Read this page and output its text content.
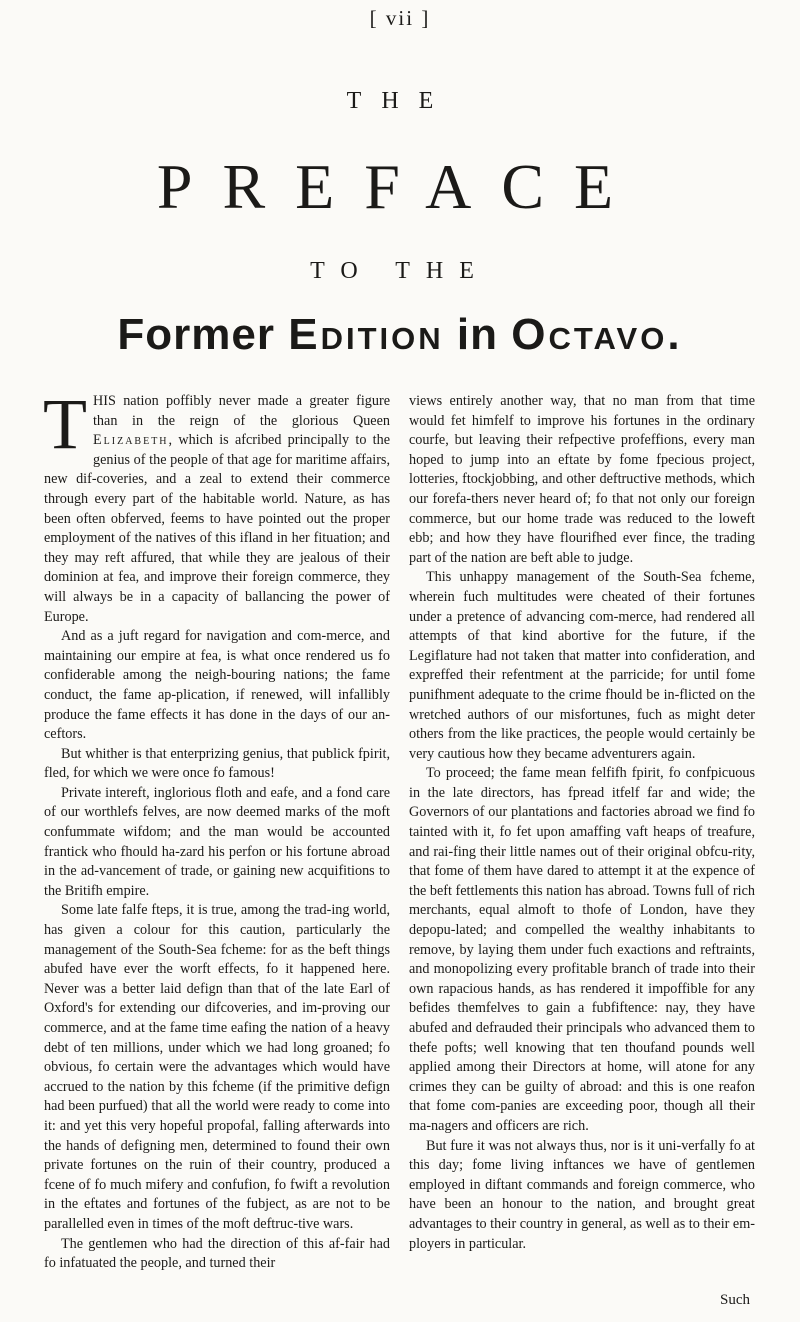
[ vii ]
THE
PREFACE
TO THE
Former Edition in Octavo.

THIS nation poffibly never made a greater figure than in the reign of the glorious Queen Elizabeth, which is afcribed principally to the genius of the people of that age for maritime affairs, new dif-coveries, and a zeal to extend their commerce through every part of the habitable world. Nature, as has been often obferved, feems to have pointed out the proper employment of the natives of this ifland in her fituation; and they may reft affured, that while they are jealous of their dominion at fea, and improve their foreign commerce, they will always be in a capacity of ballancing the power of Europe.

And as a juft regard for navigation and com-merce, and maintaining our empire at fea, is what once rendered us fo confiderable among the neigh-bouring nations; the fame conduct, the fame ap-plication, if renewed, will infallibly produce the fame effects it has done in the days of our an-ceftors.

But whither is that enterprizing genius, that publick fpirit, fled, for which we were once fo famous!

Private intereft, inglorious floth and eafe, and a fond care of our worthlefs felves, are now deemed marks of the moft confummate wifdom; and the man would be accounted frantick who fhould ha-zard his perfon or his fortune abroad in the ad-vancement of trade, or gaining new acquifitions to the Britifh empire.

Some late falfe fteps, it is true, among the trad-ing world, has given a colour for this caution, particularly the management of the South-Sea fcheme: for as the beft things abufed have ever the worft effects, fo it happened here. Never was a better laid defign than that of the late Earl of Oxford's for extending our difcoveries, and im-proving our commerce, and at the fame time eafing the nation of a heavy debt of ten millions, under which we had long groaned; fo obvious, fo certain were the advantages which would have accrued to the nation by this fcheme (if the primitive defign had been purfued) that all the world were ready to come into it: and yet this very hopeful propofal, falling afterwards into the hands of defigning men, determined to found their own private fortunes on the ruin of their country, produced a fcene of fo much mifery and confufion, fo fwift a revolution in the eftates and fortunes of the fubject, as are not to be parallelled even in times of the moft deftruc-tive wars.

The gentlemen who had the direction of this af-fair had fo infatuated the people, and turned their

views entirely another way, that no man from that time would fet himfelf to improve his fortunes in the ordinary courfe, but leaving their refpective profeffions, every man hoped to jump into an eftate by fome fpecious project, lotteries, ftockjobbing, and other deftructive methods, which our forefa-thers never heard of; fo that not only our foreign commerce, but our home trade was reduced to the loweft ebb; and how they have flourifhed ever fince, the trading part of the nation are beft able to judge.

This unhappy management of the South-Sea fcheme, wherein fuch multitudes were cheated of their fortunes under a pretence of advancing com-merce, had rendered all attempts of that kind abortive for the future, if the Legiflature had not taken that matter into confideration, and expreffed their refentment at the parricide; for until fome punifhment adequate to the crime fhould be in-flicted on the wretched authors of our misfortunes, fuch as might deter others from the like practices, the people would certainly be very cautious how they became adventurers again.

To proceed; the fame mean felfifh fpirit, fo confpicuous in the late directors, has fpread itfelf far and wide; the Governors of our plantations and factories abroad we find fo tainted with it, fo fet upon amaffing vaft heaps of treafure, and rai-fing their little names out of their original obfcu-rity, that fome of them have dared to attempt it at the expence of the beft fettlements this nation has abroad. Towns full of rich merchants, equal almoft to thofe of London, have they depopu-lated; and compelled the wealthy inhabitants to remove, by laying them under fuch exactions and reftraints, and monopolizing every profitable branch of trade into their own rapacious hands, as has rendered it impoffible for any befides themfelves to gain a fubfiftence: nay, they have abufed and defrauded their principals who advanced them to thefe pofts; well knowing that ten thoufand pounds well applied among their Directors at home, will atone for any crimes they can be guilty of abroad: and this is one reafon that fome com-panies are exceeding poor, though all their ma-nagers and officers are rich.

But fure it was not always thus, nor is it uni-verfally fo at this day; fome living inftances we have of gentlemen employed in diftant commands and foreign commerce, who have been an honour to the nation, and brought great advantages to their country in general, as well as to their em-ployers in particular.

Such
